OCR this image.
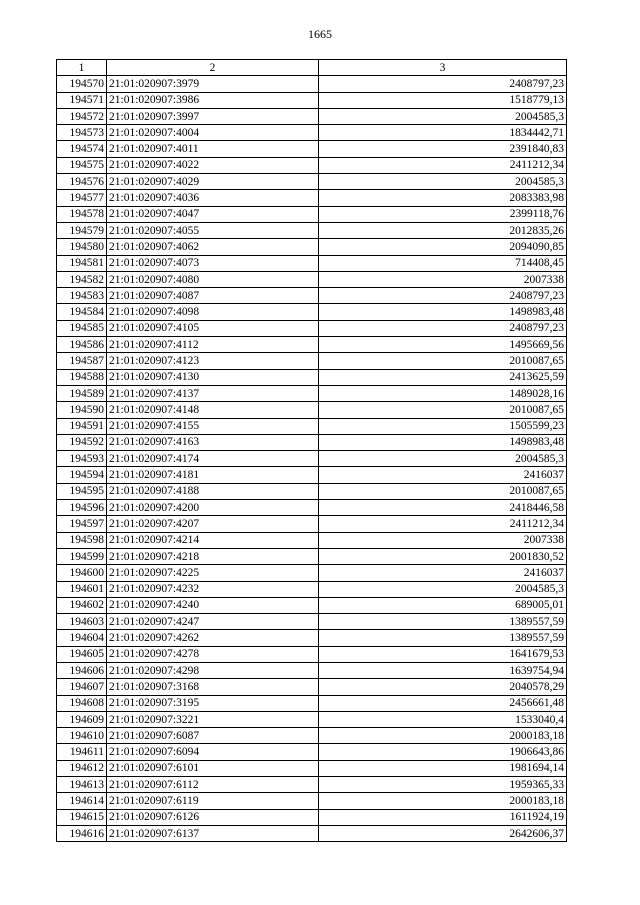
1665
1	2	3
194570	21:01:020907:3979	2408797,23
194571	21:01:020907:3986	1518779,13
194572	21:01:020907:3997	2004585,3
194573	21:01:020907:4004	1834442,71
194574	21:01:020907:4011	2391840,83
194575	21:01:020907:4022	2411212,34
194576	21:01:020907:4029	2004585,3
194577	21:01:020907:4036	2083383,98
194578	21:01:020907:4047	2399118,76
194579	21:01:020907:4055	2012835,26
194580	21:01:020907:4062	2094090,85
194581	21:01:020907:4073	714408,45
194582	21:01:020907:4080	2007338
194583	21:01:020907:4087	2408797,23
194584	21:01:020907:4098	1498983,48
194585	21:01:020907:4105	2408797,23
194586	21:01:020907:4112	1495669,56
194587	21:01:020907:4123	2010087,65
194588	21:01:020907:4130	2413625,59
194589	21:01:020907:4137	1489028,16
194590	21:01:020907:4148	2010087,65
194591	21:01:020907:4155	1505599,23
194592	21:01:020907:4163	1498983,48
194593	21:01:020907:4174	2004585,3
194594	21:01:020907:4181	2416037
194595	21:01:020907:4188	2010087,65
194596	21:01:020907:4200	2418446,58
194597	21:01:020907:4207	2411212,34
194598	21:01:020907:4214	2007338
194599	21:01:020907:4218	2001830,52
194600	21:01:020907:4225	2416037
194601	21:01:020907:4232	2004585,3
194602	21:01:020907:4240	689005,01
194603	21:01:020907:4247	1389557,59
194604	21:01:020907:4262	1389557,59
194605	21:01:020907:4278	1641679,53
194606	21:01:020907:4298	1639754,94
194607	21:01:020907:3168	2040578,29
194608	21:01:020907:3195	2456661,48
194609	21:01:020907:3221	1533040,4
194610	21:01:020907:6087	2000183,18
194611	21:01:020907:6094	1906643,86
194612	21:01:020907:6101	1981694,14
194613	21:01:020907:6112	1959365,33
194614	21:01:020907:6119	2000183,18
194615	21:01:020907:6126	1611924,19
194616	21:01:020907:6137	2642606,37
